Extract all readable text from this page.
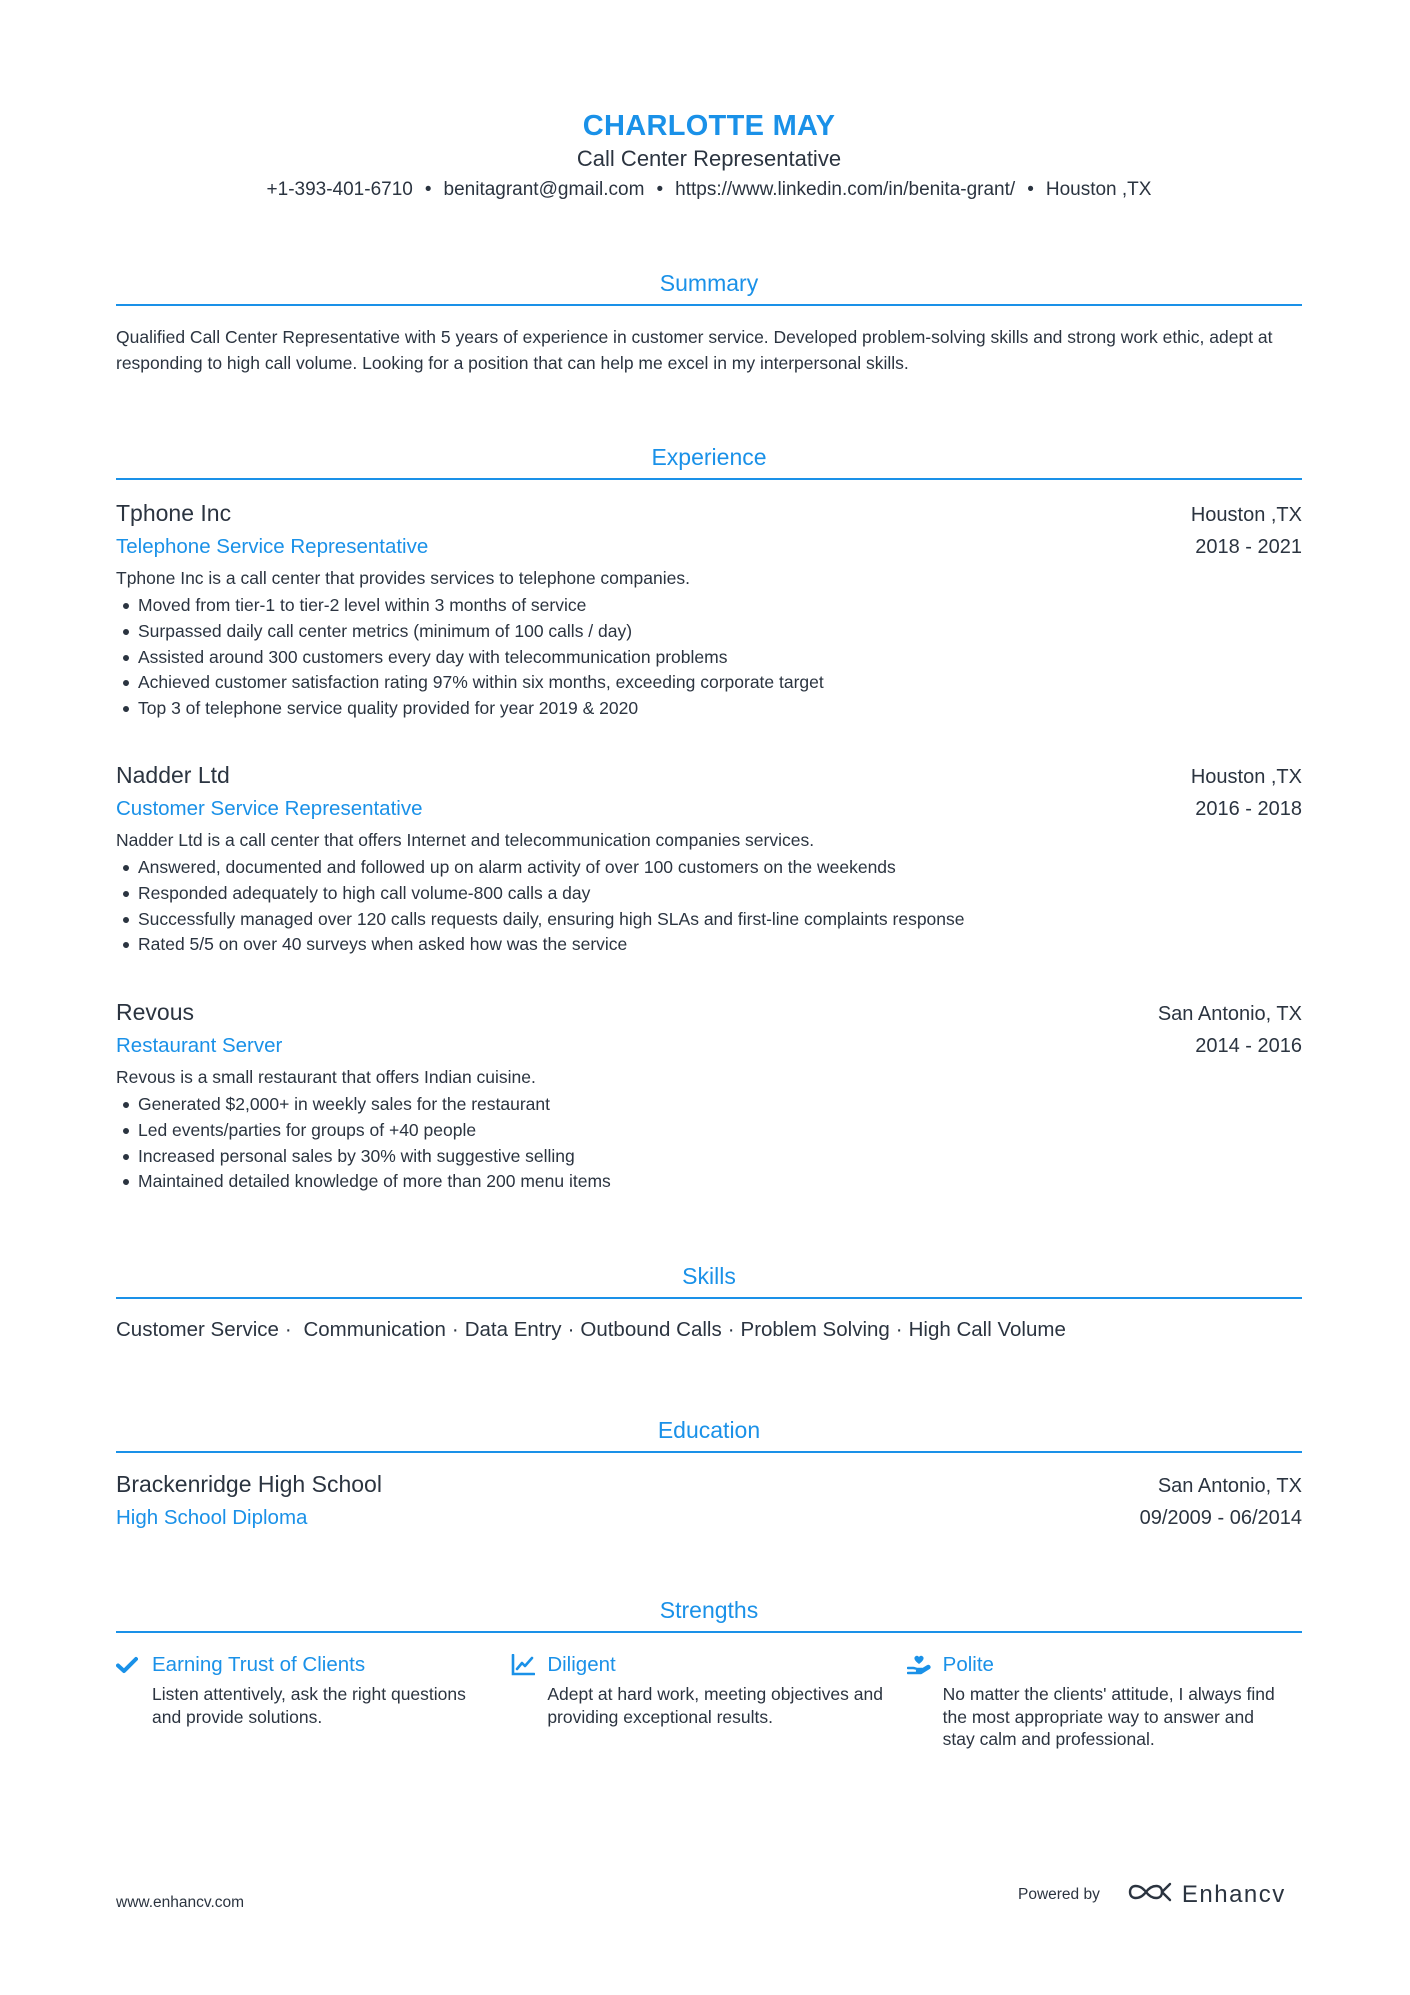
CHARLOTTE MAY
Call Center Representative
+1-393-401-6710 • benitagrant@gmail.com • https://www.linkedin.com/in/benita-grant/ • Houston ,TX
Summary
Qualified Call Center Representative with 5 years of experience in customer service. Developed problem-solving skills and strong work ethic, adept at responding to high call volume. Looking for a position that can help me excel in my interpersonal skills.
Experience
Tphone Inc	Houston ,TX
Telephone Service Representative	2018 - 2021
Tphone Inc is a call center that provides services to telephone companies.
Moved from tier-1 to tier-2 level within 3 months of service
Surpassed daily call center metrics (minimum of 100 calls / day)
Assisted around 300 customers every day with telecommunication problems
Achieved customer satisfaction rating 97% within six months, exceeding corporate target
Top 3 of telephone service quality provided for year 2019 & 2020
Nadder Ltd	Houston ,TX
Customer Service Representative	2016 - 2018
Nadder Ltd is a call center that offers Internet and telecommunication companies services.
Answered, documented and followed up on alarm activity of over 100 customers on the weekends
Responded adequately to high call volume-800 calls a day
Successfully managed over 120 calls requests daily, ensuring high SLAs and first-line complaints response
Rated 5/5 on over 40 surveys when asked how was the service
Revous	San Antonio, TX
Restaurant Server	2014 - 2016
Revous is a small restaurant that offers Indian cuisine.
Generated $2,000+ in weekly sales for the restaurant
Led events/parties for groups of +40 people
Increased personal sales by 30% with suggestive selling
Maintained detailed knowledge of more than 200 menu items
Skills
Customer Service · Communication · Data Entry · Outbound Calls · Problem Solving · High Call Volume
Education
Brackenridge High School	San Antonio, TX
High School Diploma	09/2009 - 06/2014
Strengths
Earning Trust of Clients
Listen attentively, ask the right questions and provide solutions.
Diligent
Adept at hard work, meeting objectives and providing exceptional results.
Polite
No matter the clients' attitude, I always find the most appropriate way to answer and stay calm and professional.
www.enhancv.com	Powered by	Enhancv
